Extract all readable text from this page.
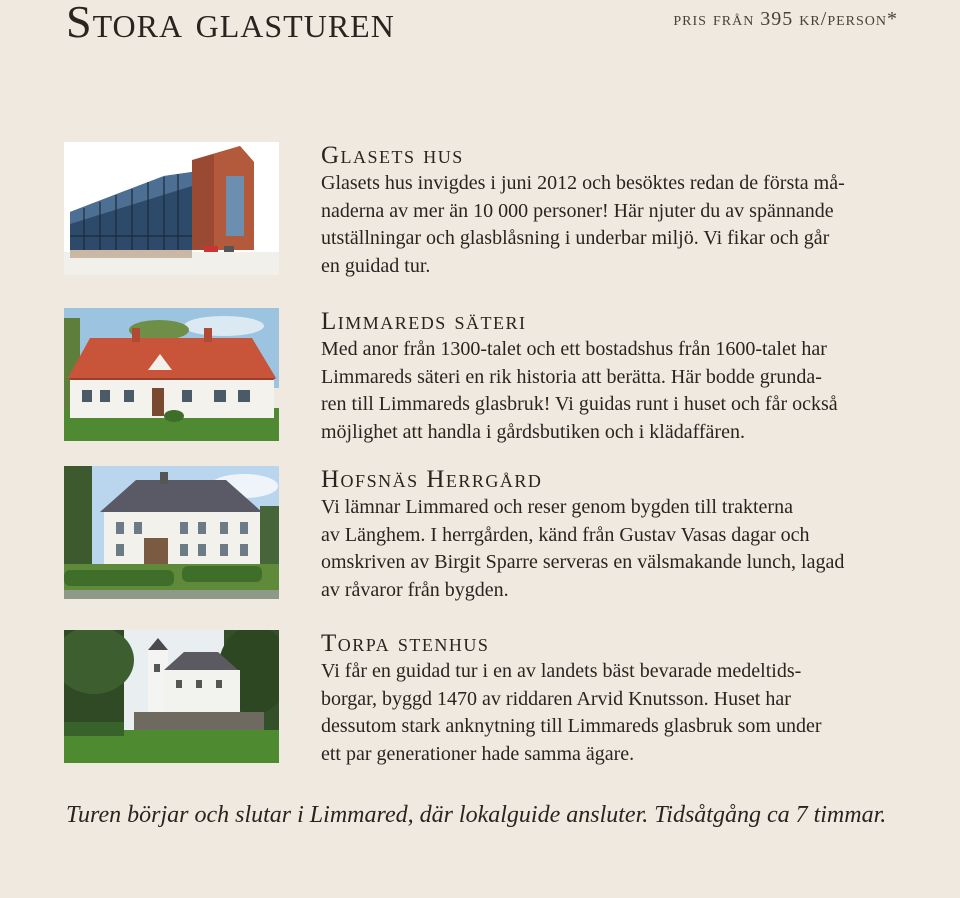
Stora glasturen	pris från 395 kr/person*
Glasets hus

Glasets hus invigdes i juni 2012 och besöktes redan de första må-
naderna av mer än 10 000 personer! Här njuter du av spännande
utställningar och glasblåsning i underbar miljö. Vi fikar och går
en guidad tur.

Limmareds säteri

Med anor från 1300-talet och ett bostadshus från 1600-talet har
Limmareds säteri en rik historia att berätta. Här bodde grunda-
ren till Limmareds glasbruk! Vi guidas runt i huset och får också
möjlighet att handla i gårdsbutiken och i klädaffären.

Hofsnäs Herrgård

Vi lämnar Limmared och reser genom bygden till trakterna
av Länghem. I herrgården, känd från Gustav Vasas dagar och
omskriven av Birgit Sparre serveras en välsmakande lunch, lagad
av råvaror från bygden.

Torpa stenhus

Vi får en guidad tur i en av landets bäst bevarade medeltids-
borgar, byggd 1470 av riddaren Arvid Knutsson. Huset har
dessutom stark anknytning till Limmareds glasbruk som under
ett par generationer hade samma ägare.

Turen börjar och slutar i Limmared, där lokalguide ansluter. Tidsåtgång ca 7 timmar.
